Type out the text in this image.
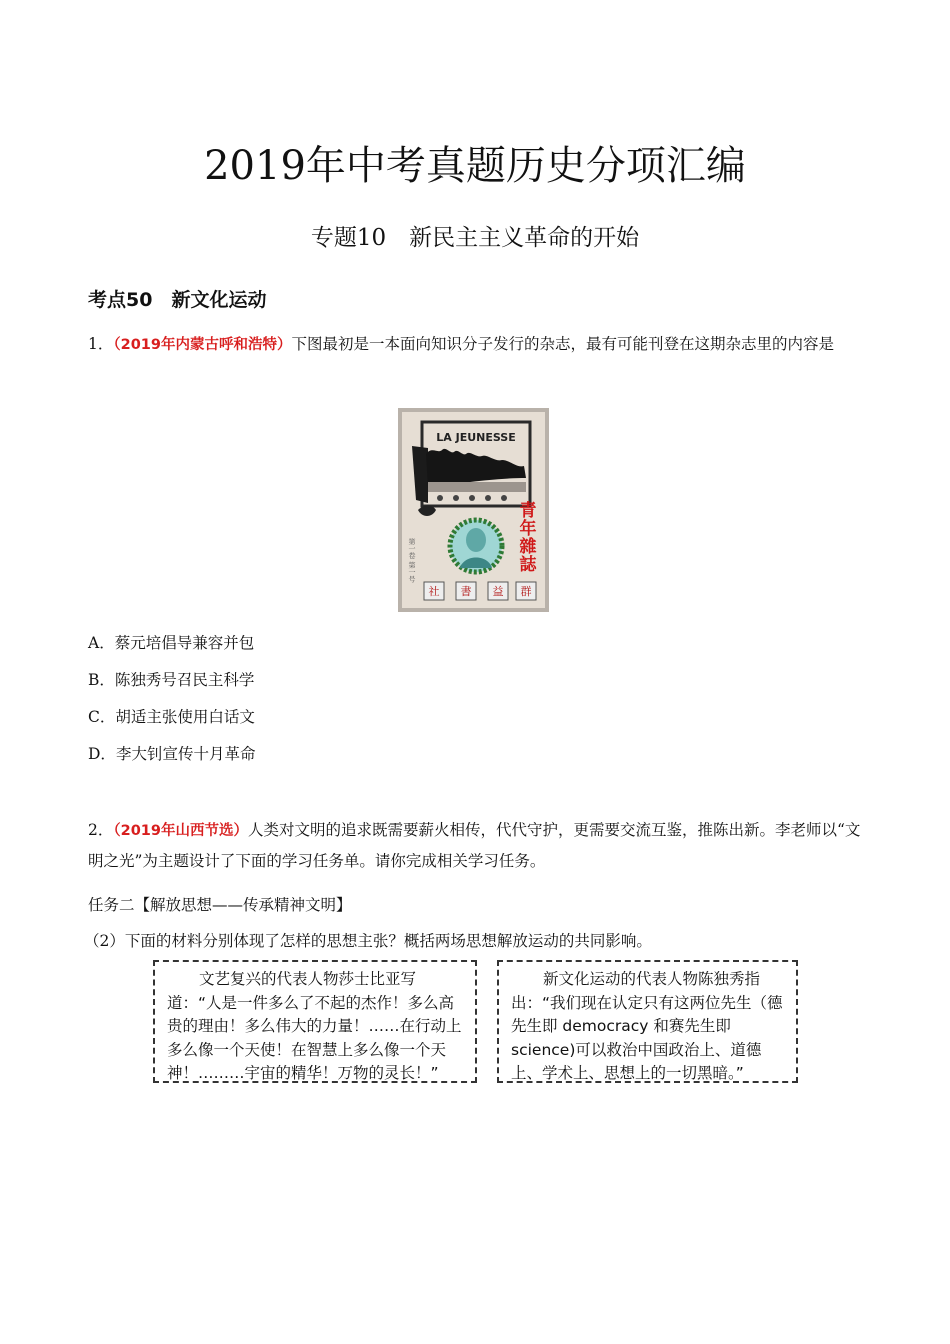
2019年中考真题历史分项汇编
专题10　新民主主义革命的开始
考点50　新文化运动
1．（2019年内蒙古呼和浩特）下图最初是一本面向知识分子发行的杂志，最有可能刊登在这期杂志里的内容是
LA JEUNESSE
第一卷 第一号
青
年
雜
誌
社 書 益 群
A．蔡元培倡导兼容并包
B．陈独秀号召民主科学
C．胡适主张使用白话文
D．李大钊宣传十月革命
2．（2019年山西节选）人类对文明的追求既需要薪火相传，代代守护，更需要交流互鉴，推陈出新。李老师以“文明之光”为主题设计了下面的学习任务单。请你完成相关学习任务。
任务二【解放思想——传承精神文明】
（2）下面的材料分别体现了怎样的思想主张？概括两场思想解放运动的共同影响。
文艺复兴的代表人物莎士比亚写道：“人是一件多么了不起的杰作！多么高贵的理由！多么伟大的力量！……在行动上多么像一个天使！在智慧上多么像一个天神！………宇宙的精华！万物的灵长！”
新文化运动的代表人物陈独秀指出：“我们现在认定只有这两位先生（德先生即 democracy 和赛先生即 science)可以救治中国政治上、道德上、学术上、思想上的一切黑暗。”
